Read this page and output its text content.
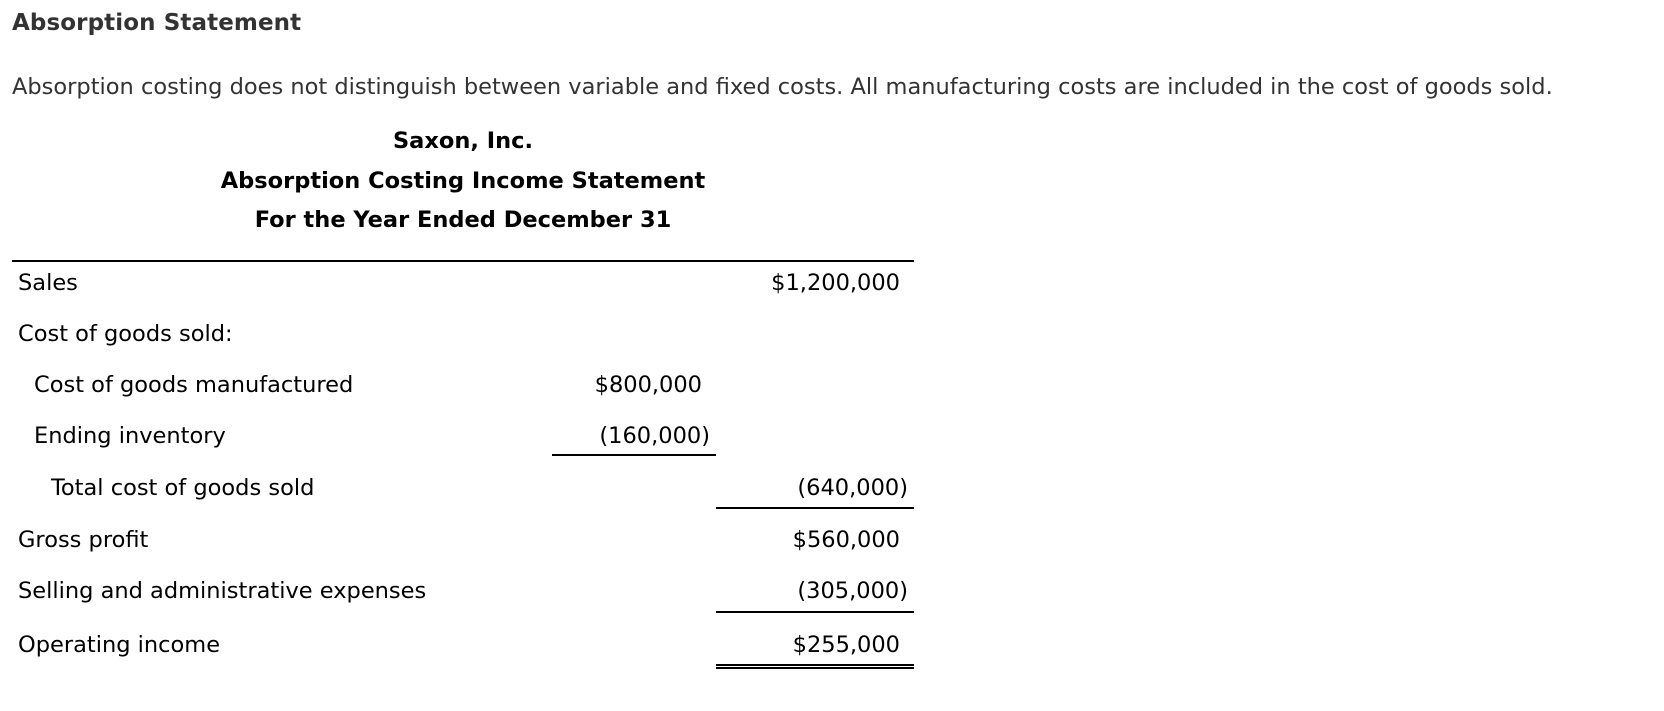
Absorption Statement

Absorption costing does not distinguish between variable and fixed costs. All manufacturing costs are included in the cost of goods sold.

Saxon, Inc.
Absorption Costing Income Statement
For the Year Ended December 31
Sales	$1,200,000
Cost of goods sold:
Cost of goods manufactured	$800,000
Ending inventory	(160,000)
Total cost of goods sold	(640,000)
Gross profit	$560,000
Selling and administrative expenses	(305,000)
Operating income	$255,000
